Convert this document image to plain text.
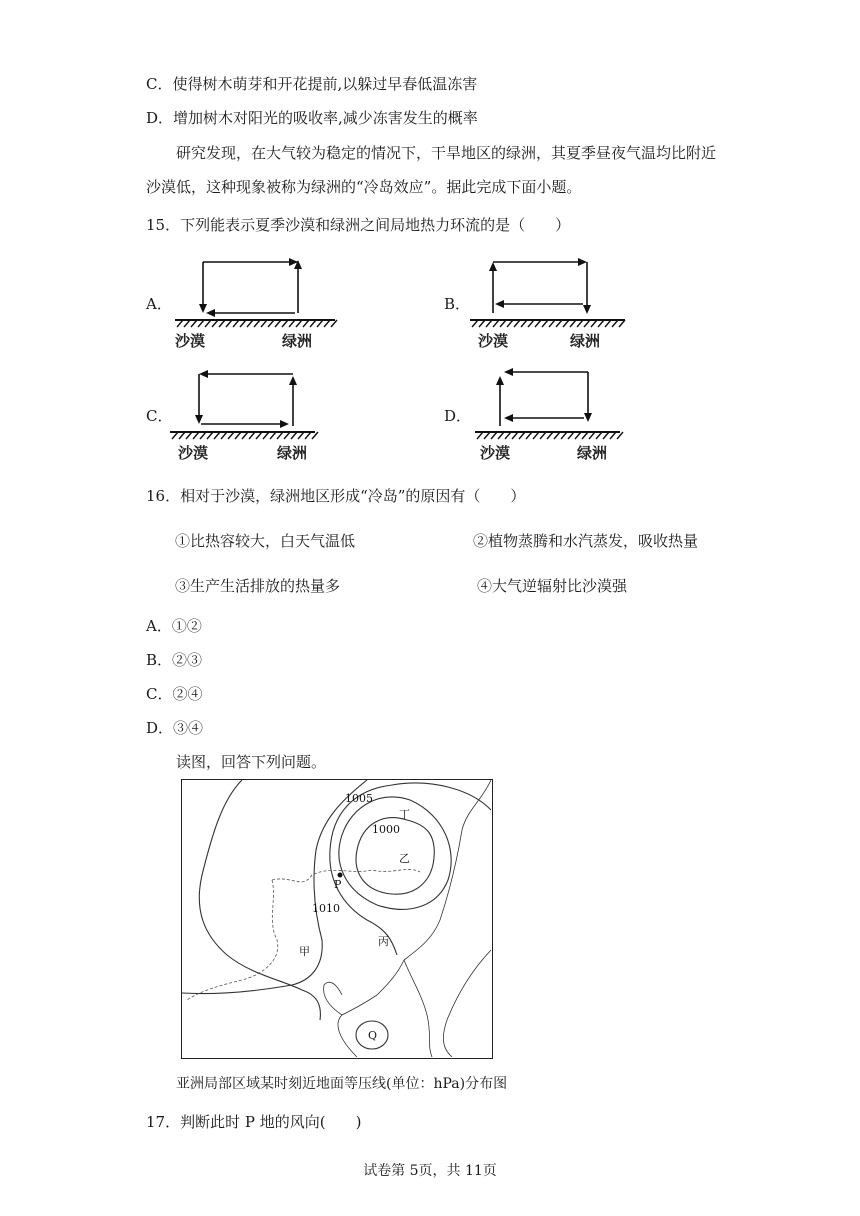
C．使得树木萌芽和开花提前,以躲过早春低温冻害
D．增加树木对阳光的吸收率,减少冻害发生的概率
研究发现，在大气较为稳定的情况下，干旱地区的绿洲，其夏季昼夜气温均比附近
沙漠低，这种现象被称为绿洲的“冷岛效应”。据此完成下面小题。
15．下列能表示夏季沙漠和绿洲之间局地热力环流的是（　　）
A．
沙漠	绿洲
B．
沙漠	绿洲
C．
沙漠	绿洲
D．
沙漠	绿洲
16．相对于沙漠，绿洲地区形成“冷岛”的原因有（　　）
①比热容较大，白天气温低	②植物蒸腾和水汽蒸发，吸收热量
③生产生活排放的热量多	④大气逆辐射比沙漠强
A．①②
B．②③
C．②④
D．③④
读图，回答下列问题。
1005
1000
1010
丁
乙
甲
丙
P
Q
亚洲局部区域某时刻近地面等压线(单位：hPa)分布图
17．判断此时 P 地的风向(　　)
试卷第 5页，共 11页
